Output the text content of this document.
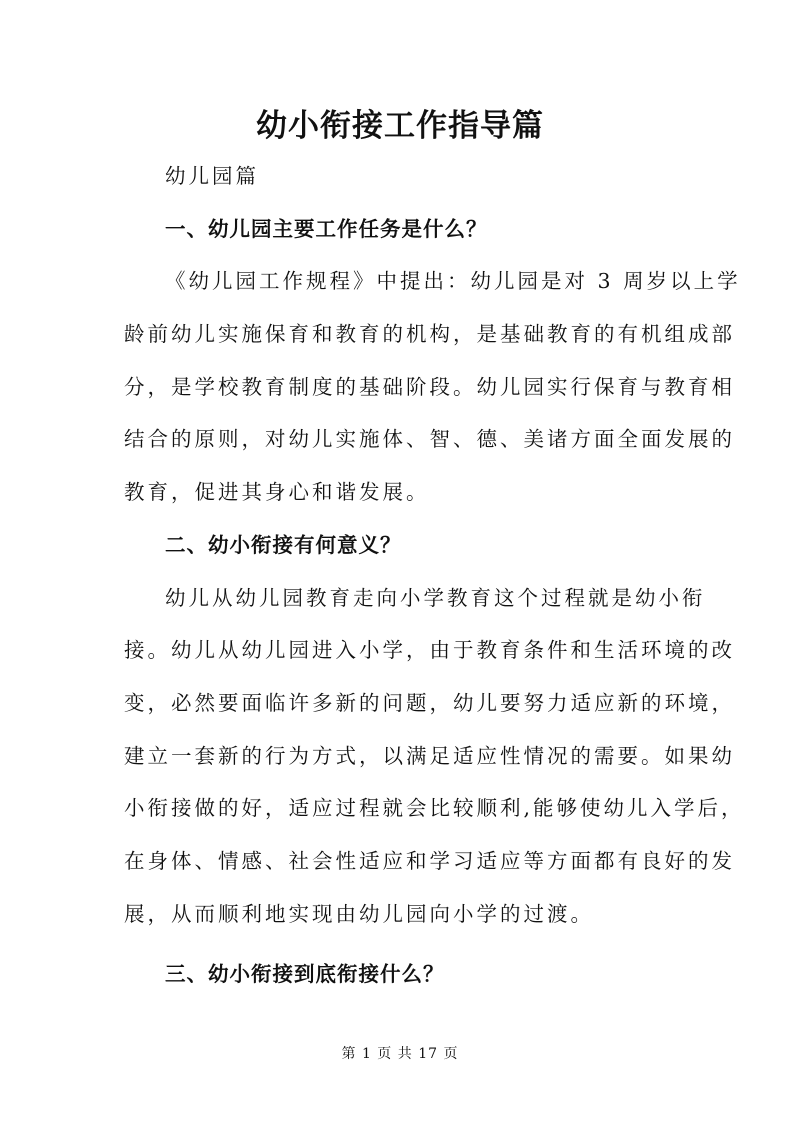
幼小衔接工作指导篇
幼儿园篇
一、幼儿园主要工作任务是什么？
《幼儿园工作规程》中提出：幼儿园是对 3 周岁以上学
龄前幼儿实施保育和教育的机构，是基础教育的有机组成部
分，是学校教育制度的基础阶段。幼儿园实行保育与教育相
结合的原则，对幼儿实施体、智、德、美诸方面全面发展的
教育，促进其身心和谐发展。
二、幼小衔接有何意义？
幼儿从幼儿园教育走向小学教育这个过程就是幼小衔
接。幼儿从幼儿园进入小学，由于教育条件和生活环境的改
变，必然要面临许多新的问题，幼儿要努力适应新的环境，
建立一套新的行为方式，以满足适应性情况的需要。如果幼
小衔接做的好，适应过程就会比较顺利,能够使幼儿入学后，
在身体、情感、社会性适应和学习适应等方面都有良好的发
展，从而顺利地实现由幼儿园向小学的过渡。
三、幼小衔接到底衔接什么？
第 1 页 共 17 页
